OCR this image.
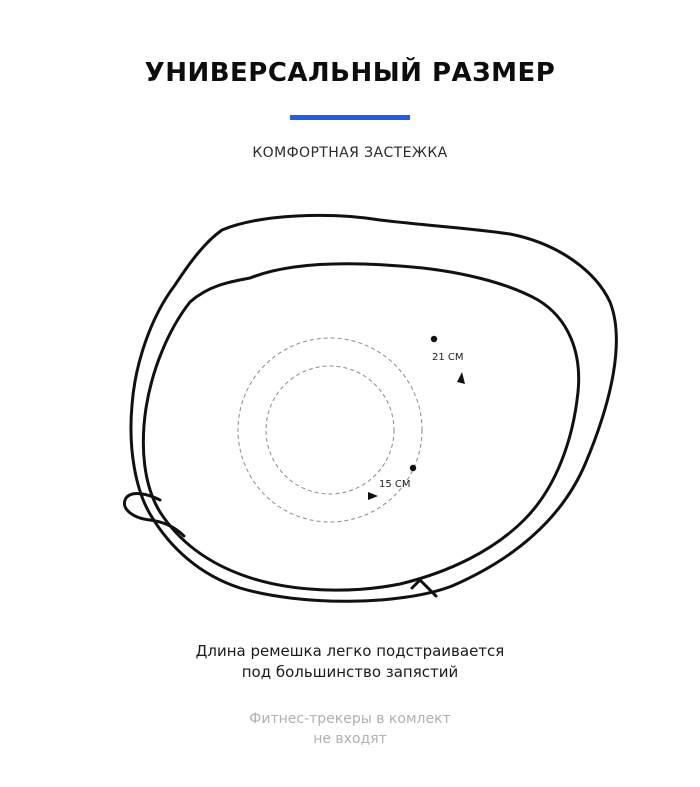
УНИВЕРСАЛЬНЫЙ РАЗМЕР
КОМФОРТНАЯ ЗАСТЕЖКА
21 СМ
15 СМ
Длина ремешка легко подстраивается
под большинство запястий
Фитнес-трекеры в комлект
не входят
